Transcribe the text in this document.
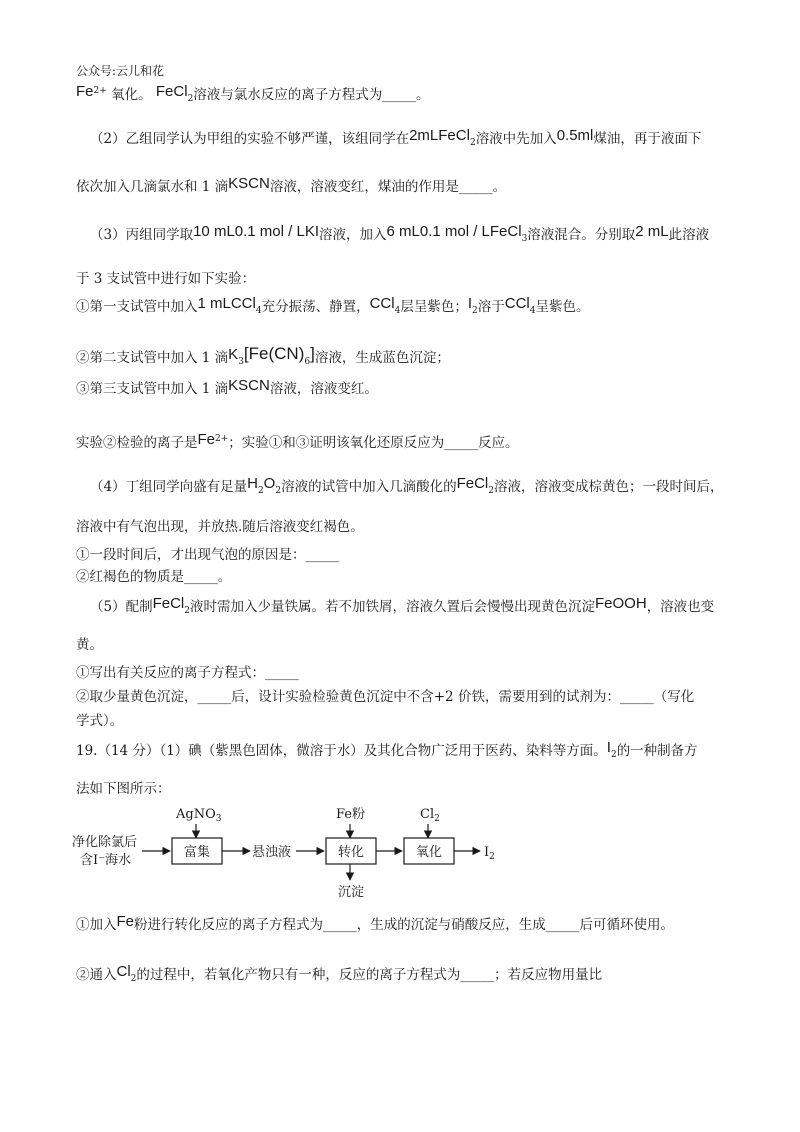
公众号:云儿和花
$Fe^{2+}$ 氧化。 FeCl$_2$溶液与氯水反应的离子方程式为_____。
（2）乙组同学认为甲组的实验不够严谨，该组同学在2mLFeCl$_2$溶液中先加入0.5ml煤油，再于液面下
依次加入几滴氯水和 1 滴KSCN溶液，溶液变红，煤油的作用是_____。
（3）丙组同学取10 mL0.1 mol / LKI溶液，加入6 mL0.1 mol / LFeCl$_3$溶液混合。分别取2 mL此溶液
于 3 支试管中进行如下实验：
①第一支试管中加入1 mLCCl$_4$充分振荡、静置，CCl$_4$层呈紫色；$I_2$溶于CCl$_4$呈紫色。
②第二支试管中加入 1 滴$K_3[Fe(CN)_6]$溶液，生成蓝色沉淀；
③第三支试管中加入 1 滴KSCN溶液，溶液变红。
实验②检验的离子是$Fe^{2+}$；实验①和③证明该氧化还原反应为_____反应。
（4）丁组同学向盛有足量$H_2O_2$溶液的试管中加入几滴酸化的FeCl$_2$溶液，溶液变成棕黄色；一段时间后，
溶液中有气泡出现，并放热.随后溶液变红褐色。
①一段时间后，才出现气泡的原因是：_____
②红褐色的物质是_____。
（5）配制FeCl$_2$液时需加入少量铁属。若不加铁屑，溶液久置后会慢慢出现黄色沉淀FeOOH，溶液也变
黄。
①写出有关反应的离子方程式：_____
②取少量黄色沉淀，_____后，设计实验检验黄色沉淀中不含+2 价铁，需要用到的试剂为：_____（写化
学式）。
19.（14 分）（1）碘（紫黑色固体，微溶于水）及其化合物广泛用于医药、染料等方面。$I_2$的一种制备方
法如下图所示：
净化除氯后
含I⁻海水
AgNO$_3$
富集	悬浊液
Fe粉
转化
沉淀
$Cl_2$
氧化	$I_2$
①加入Fe粉进行转化反应的离子方程式为_____，生成的沉淀与硝酸反应，生成_____后可循环使用。
②通入$Cl_2$的过程中，若氧化产物只有一种，反应的离子方程式为_____；若反应物用量比
